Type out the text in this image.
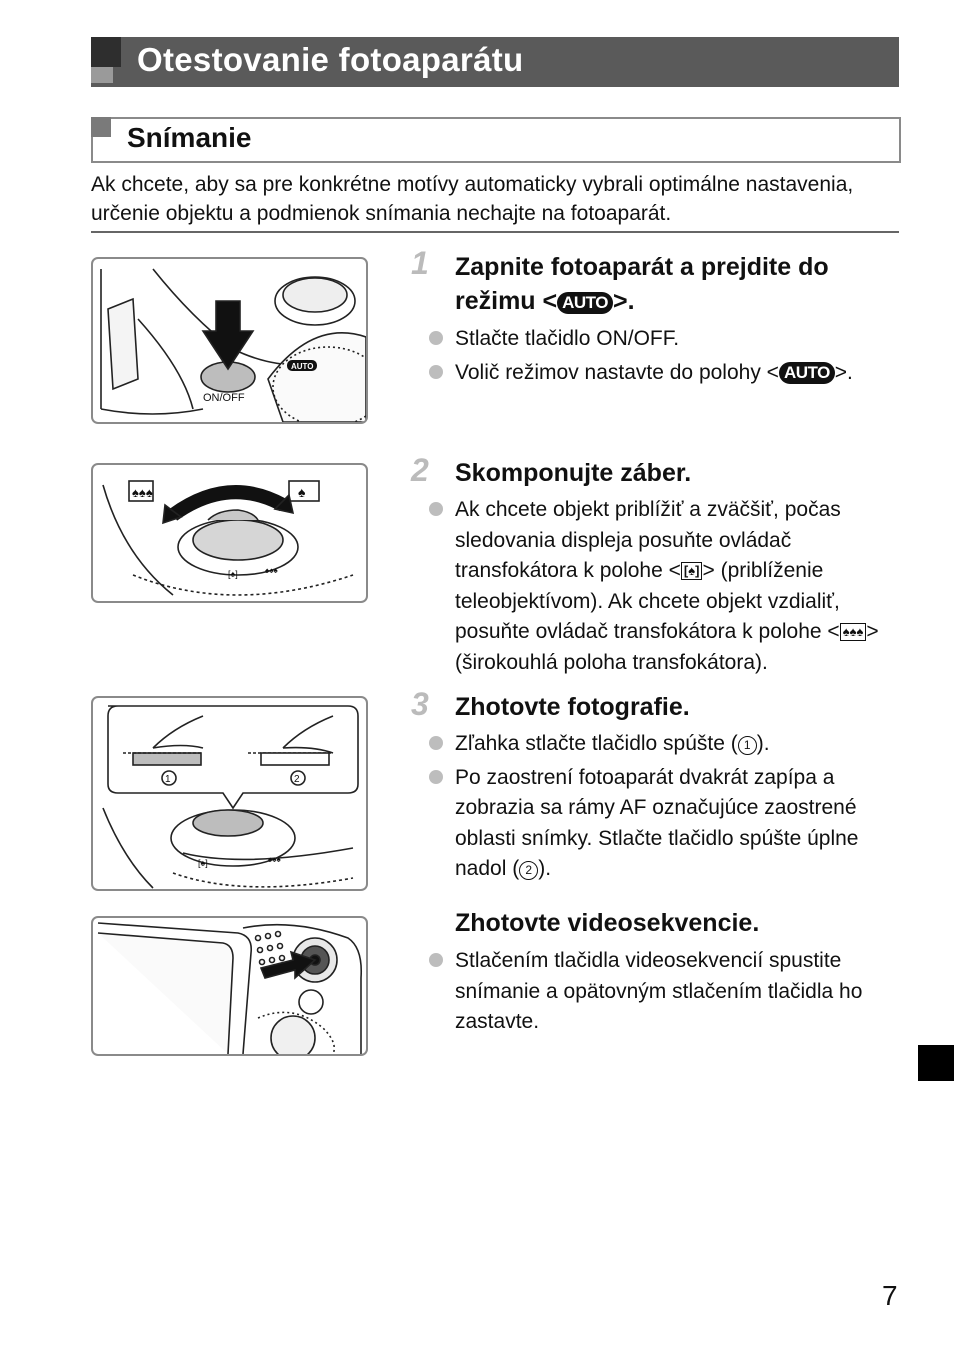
Otestovanie fotoaparátu
Snímanie
Ak chcete, aby sa pre konkrétne motívy automaticky vybrali optimálne nastavenia, určenie objektu a podmienok snímania nechajte na fotoaparát.
ON/OFF
AUTO
♠♠♠	♠
[♠]	♠♠♠
1	2
[♠]	♠♠♠
1 Zapnite fotoaparát a prejdite do režimu < AUTO >.
Stlačte tlačidlo ON/OFF.
Volič režimov nastavte do polohy < AUTO >.
2 Skomponujte záber.
Ak chcete objekt priblížiť a zväčšiť, počas sledovania displeja posuňte ovládač transfokátora k polohe < [♠] > (priblíženie teleobjektívom). Ak chcete objekt vzdialiť, posuňte ovládač transfokátora k polohe < ♠♠♠ > (širokouhlá poloha transfokátora).
3 Zhotovte fotografie.
Zľahka stlačte tlačidlo spúšte ( 1 ).
Po zaostrení fotoaparát dvakrát zapípa a zobrazia sa rámy AF označujúce zaostrené oblasti snímky. Stlačte tlačidlo spúšte úplne nadol ( 2 ).
Zhotovte videosekvencie.
Stlačením tlačidla videosekvencií spustite snímanie a opätovným stlačením tlačidla ho zastavte.
7
